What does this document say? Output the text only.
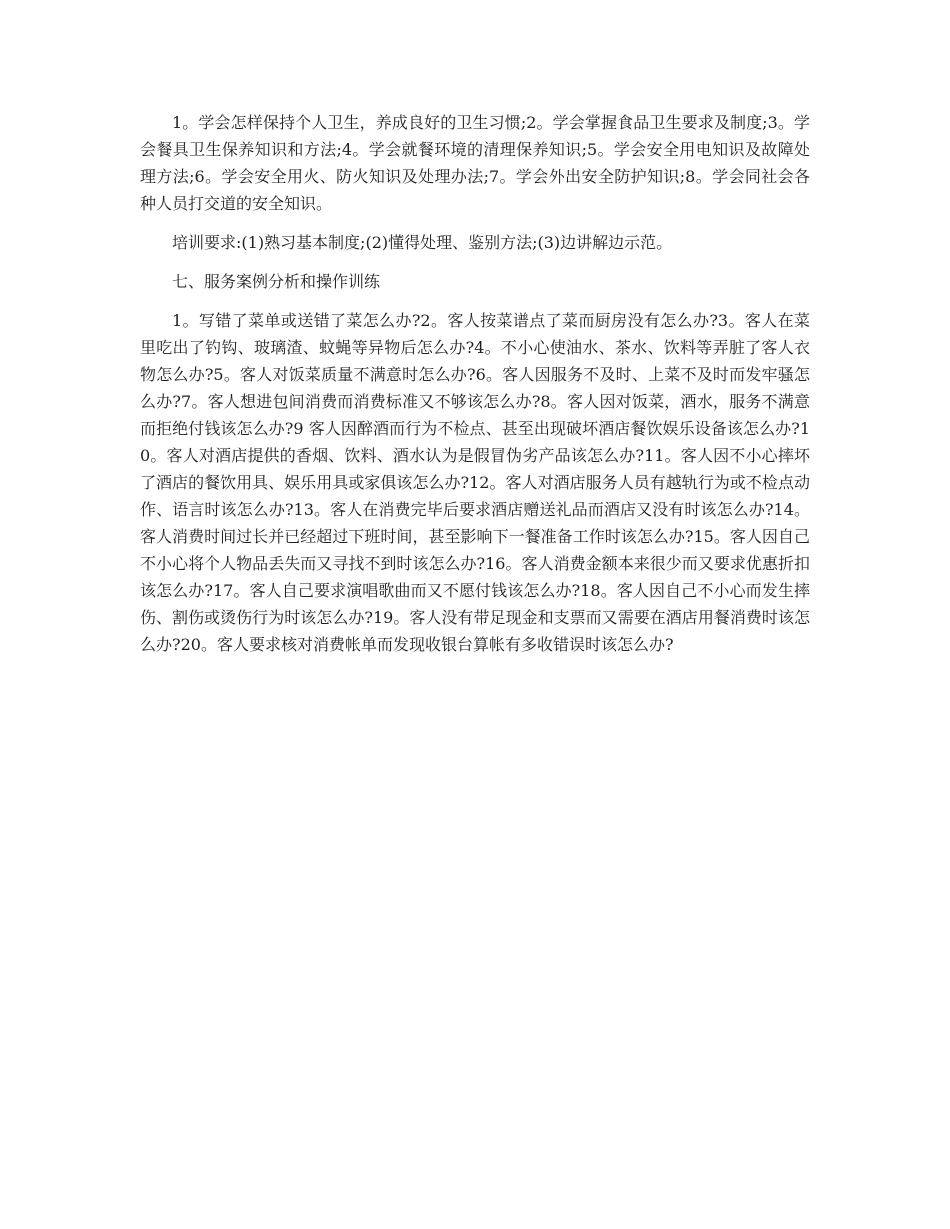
1。学会怎样保持个人卫生，养成良好的卫生习惯;2。学会掌握食品卫生要求及制度;3。学会餐具卫生保养知识和方法;4。学会就餐环境的清理保养知识;5。学会安全用电知识及故障处理方法;6。学会安全用火、防火知识及处理办法;7。学会外出安全防护知识;8。学会同社会各种人员打交道的安全知识。

培训要求:(1)熟习基本制度;(2)懂得处理、鉴别方法;(3)边讲解边示范。

七、服务案例分析和操作训练

1。写错了菜单或送错了菜怎么办?2。客人按菜谱点了菜而厨房没有怎么办?3。客人在菜里吃出了钓钩、玻璃渣、蚊蝇等异物后怎么办?4。不小心使油水、茶水、饮料等弄脏了客人衣物怎么办?5。客人对饭菜质量不满意时怎么办?6。客人因服务不及时、上菜不及时而发牢骚怎么办?7。客人想进包间消费而消费标准又不够该怎么办?8。客人因对饭菜，酒水，服务不满意而拒绝付钱该怎么办?9 客人因醉酒而行为不检点、甚至出现破坏酒店餐饮娱乐设备该怎么办?10。客人对酒店提供的香烟、饮料、酒水认为是假冒伪劣产品该怎么办?11。客人因不小心摔坏了酒店的餐饮用具、娱乐用具或家俱该怎么办?12。客人对酒店服务人员有越轨行为或不检点动作、语言时该怎么办?13。客人在消费完毕后要求酒店赠送礼品而酒店又没有时该怎么办?14。客人消费时间过长并已经超过下班时间，甚至影响下一餐准备工作时该怎么办?15。客人因自己不小心将个人物品丢失而又寻找不到时该怎么办?16。客人消费金额本来很少而又要求优惠折扣该怎么办?17。客人自己要求演唱歌曲而又不愿付钱该怎么办?18。客人因自己不小心而发生摔伤、割伤或烫伤行为时该怎么办?19。客人没有带足现金和支票而又需要在酒店用餐消费时该怎么办?20。客人要求核对消费帐单而发现收银台算帐有多收错误时该怎么办?
